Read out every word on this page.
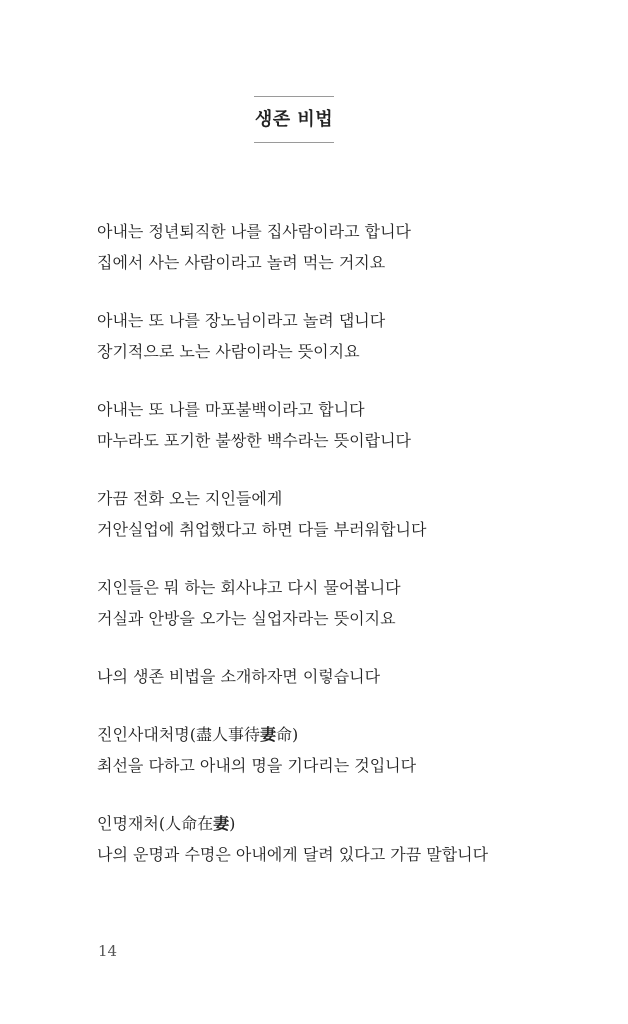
생존 비법
아내는 정년퇴직한 나를 집사람이라고 합니다
집에서 사는 사람이라고 놀려 먹는 거지요
아내는 또 나를 장노님이라고 놀려 댑니다
장기적으로 노는 사람이라는 뜻이지요
아내는 또 나를 마포불백이라고 합니다
마누라도 포기한 불쌍한 백수라는 뜻이랍니다
가끔 전화 오는 지인들에게
거안실업에 취업했다고 하면 다들 부러워합니다
지인들은 뭐 하는 회사냐고 다시 물어봅니다
거실과 안방을 오가는 실업자라는 뜻이지요
나의 생존 비법을 소개하자면 이렇습니다
진인사대처명(盡人事待妻命)
최선을 다하고 아내의 명을 기다리는 것입니다
인명재처(人命在妻)
나의 운명과 수명은 아내에게 달려 있다고 가끔 말합니다
14
